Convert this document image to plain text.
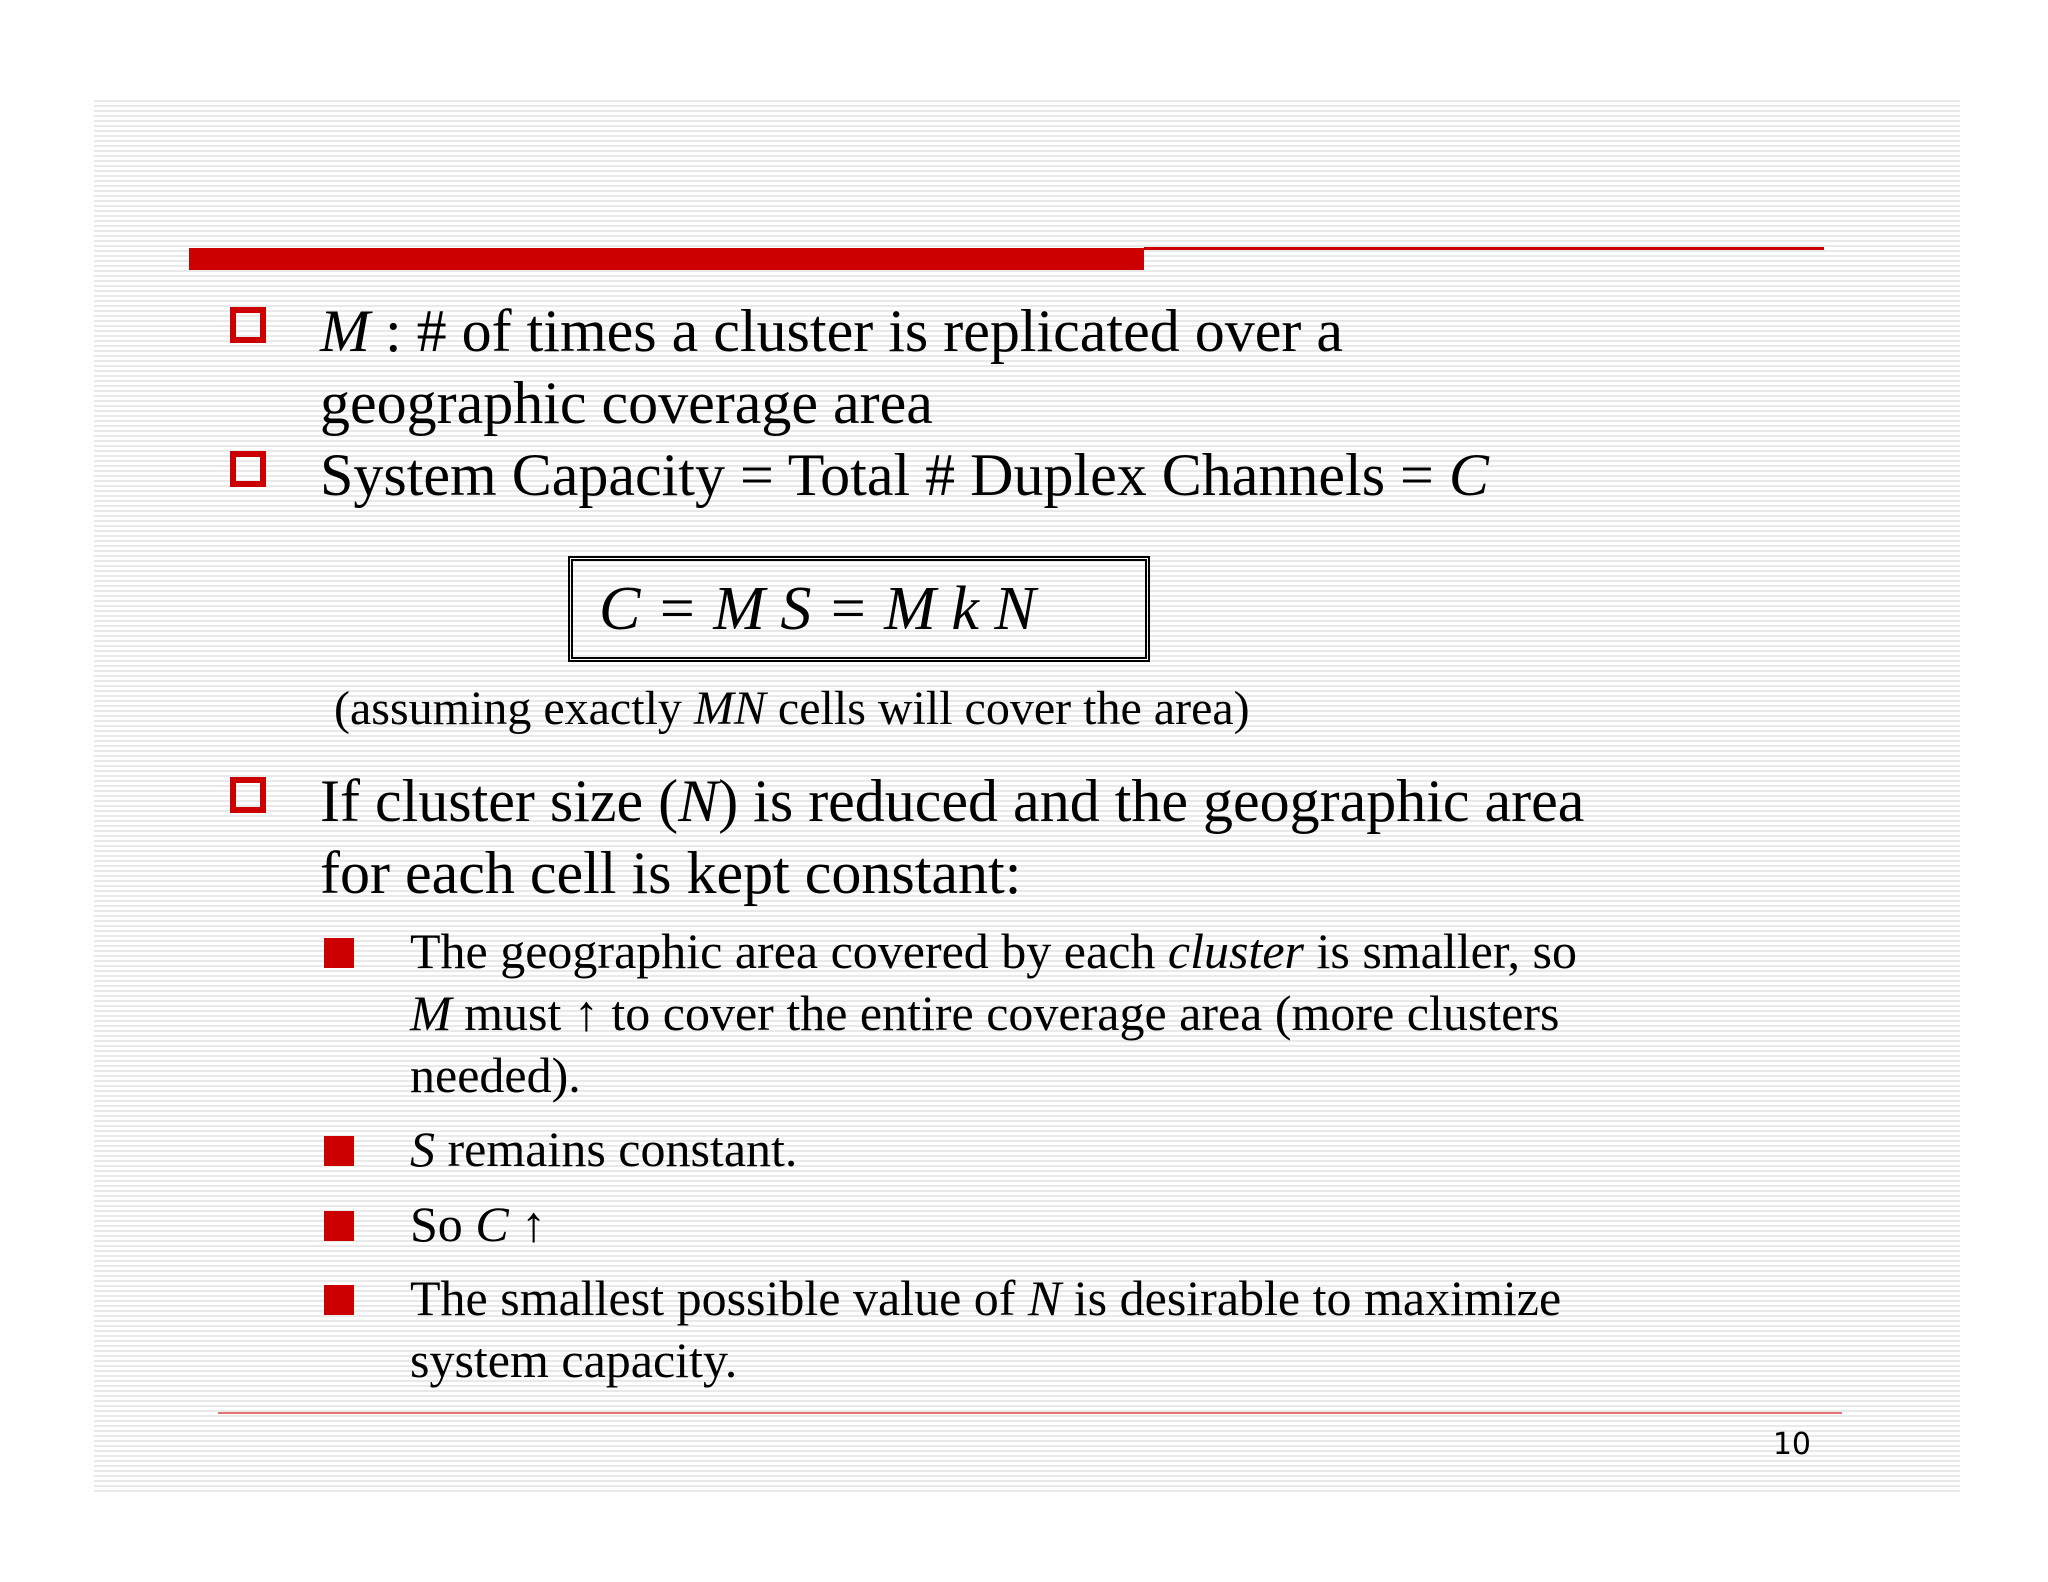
M : # of times a cluster is replicated over a
geographic coverage area
System Capacity = Total # Duplex Channels = C
C = M S = M k N
(assuming exactly MN cells will cover the area)
If cluster size (N) is reduced and the geographic area
for each cell is kept constant:
The geographic area covered by each cluster is smaller, so
M must ↑ to cover the entire coverage area (more clusters
needed).
S remains constant.
So C ↑
The smallest possible value of N is desirable to maximize
system capacity.
10
